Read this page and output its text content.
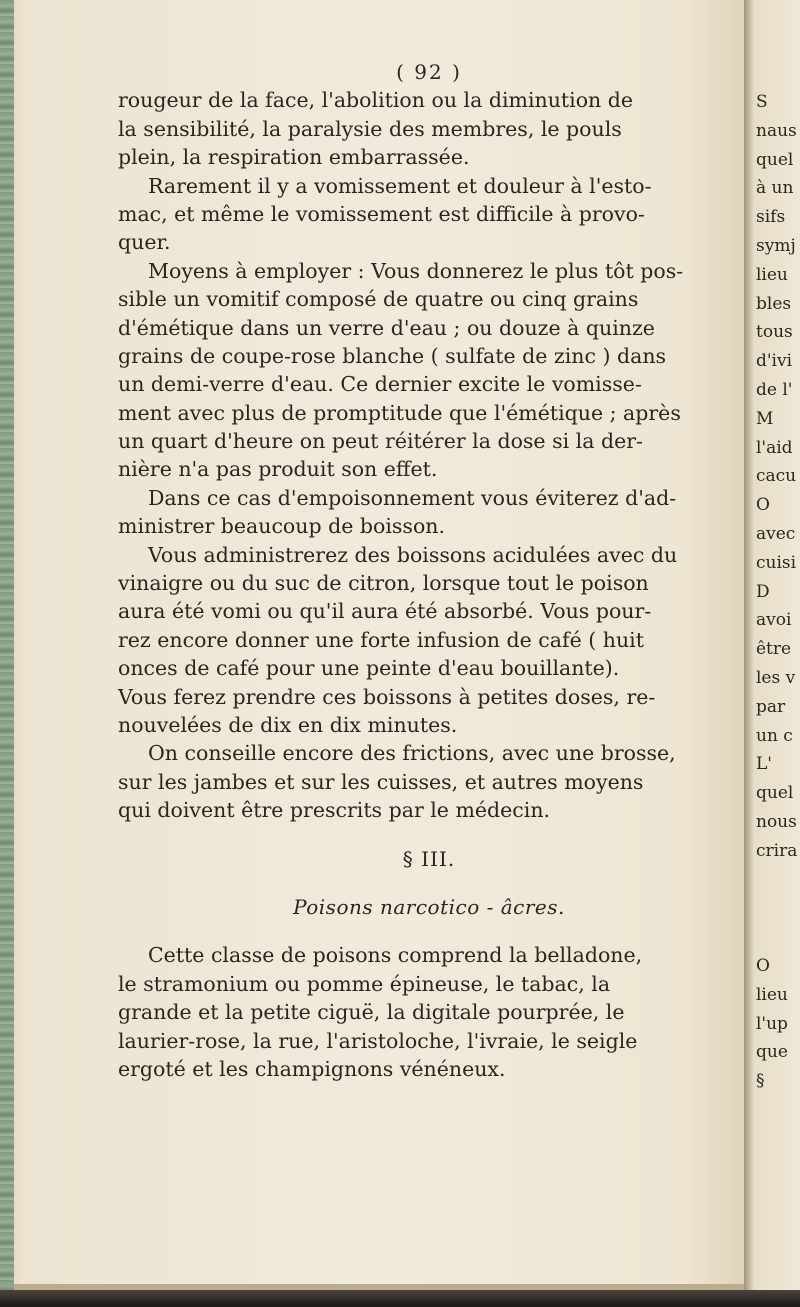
( 92 )
rougeur de la face, l'abolition ou la diminution de
la sensibilité, la paralysie des membres, le pouls
plein, la respiration embarrassée.
Rarement il y a vomissement et douleur à l'esto-
mac, et même le vomissement est difficile à provo-
quer.
Moyens à employer : Vous donnerez le plus tôt pos-
sible un vomitif composé de quatre ou cinq grains
d'émétique dans un verre d'eau ; ou douze à quinze
grains de coupe-rose blanche ( sulfate de zinc ) dans
un demi-verre d'eau. Ce dernier excite le vomisse-
ment avec plus de promptitude que l'émétique ; après
un quart d'heure on peut réitérer la dose si la der-
nière n'a pas produit son effet.
Dans ce cas d'empoisonnement vous éviterez d'ad-
ministrer beaucoup de boisson.
Vous administrerez des boissons acidulées avec du
vinaigre ou du suc de citron, lorsque tout le poison
aura été vomi ou qu'il aura été absorbé. Vous pour-
rez encore donner une forte infusion de café ( huit
onces de café pour une peinte d'eau bouillante).
Vous ferez prendre ces boissons à petites doses, re-
nouvelées de dix en dix minutes.
On conseille encore des frictions, avec une brosse,
sur les jambes et sur les cuisses, et autres moyens
qui doivent être prescrits par le médecin.
§ III.
Poisons narcotico - âcres.
Cette classe de poisons comprend la belladone,
le stramonium ou pomme épineuse, le tabac, la
grande et la petite ciguë, la digitale pourprée, le
laurier-rose, la rue, l'aristoloche, l'ivraie, le seigle
ergoté et les champignons vénéneux.
S
naus
quel
à un
sifs
symj
lieu
bles
tous
d'ivi
de l'
M
l'aid
cacu
O
avec
cuisi
D
avoi
être
les v
par
un c
L'
quel
nous
crira
O
lieu
l'up
que
§
